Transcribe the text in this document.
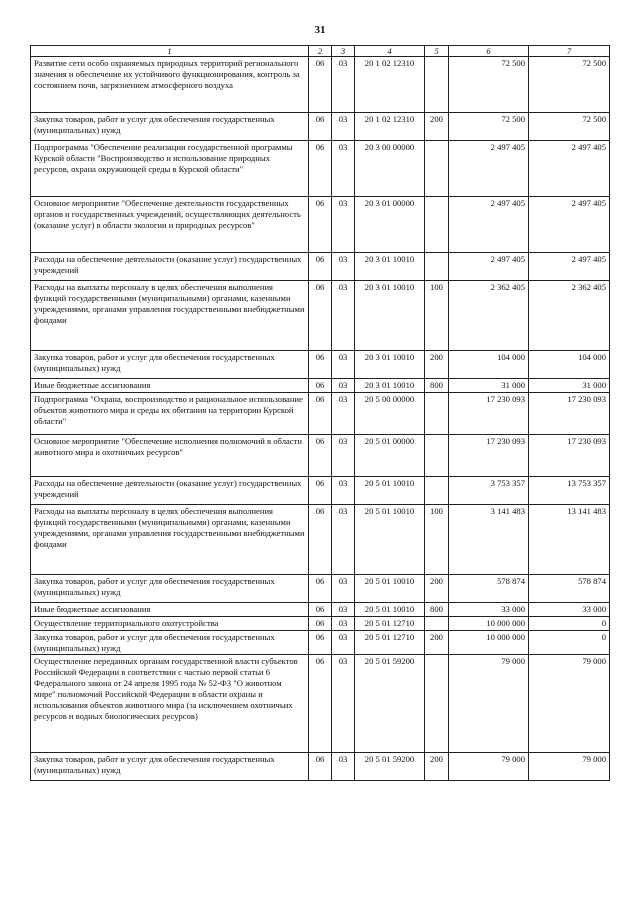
31
1	2	3	4	5	6	7
Развитие сети особо охраняемых природных территорий регионального значения и обеспечение их устойчивого функционирования, контроль за состоянием почв, загрязнением атмосферного воздуха	06	03	20 1 02 12310		72 500	72 500
Закупка товаров, работ и услуг для обеспечения государственных (муниципальных) нужд	06	03	20 1 02 12310	200	72 500	72 500
Подпрограмма "Обеспечение реализации государственной программы Курской области "Воспроизводство и использование природных ресурсов, охрана окружающей среды в Курской области"	06	03	20 3 00 00000		2 497 405	2 497 405
Основное мероприятие "Обеспечение деятельности государственных органов и государственных учреждений, осуществляющих деятельность (оказание услуг) в области экологии и природных ресурсов"	06	03	20 3 01 00000		2 497 405	2 497 405
Расходы на обеспечение деятельности (оказание услуг) государственных учреждений	06	03	20 3 01 10010		2 497 405	2 497 405
Расходы на выплаты персоналу в целях обеспечения выполнения функций государственными (муниципальными) органами, казенными учреждениями, органами управления государственными внебюджетными фондами	06	03	20 3 01 10010	100	2 362 405	2 362 405
Закупка товаров, работ и услуг для обеспечения государственных (муниципальных) нужд	06	03	20 3 01 10010	200	104 000	104 000
Иные бюджетные ассигнования	06	03	20 3 01 10010	800	31 000	31 000
Подпрограмма "Охрана, воспроизводство и рациональное использование объектов животного мира и среды их обитания на территории Курской области"	06	03	20 5 00 00000		17 230 093	17 230 093
Основное мероприятие "Обеспечение исполнения полномочий в области животного мира и охотничьих ресурсов"	06	03	20 5 01 00000		17 230 093	17 230 093
Расходы на обеспечение деятельности (оказание услуг) государственных учреждений	06	03	20 5 01 10010		3 753 357	13 753 357
Расходы на выплаты персоналу в целях обеспечения выполнения функций государственными (муниципальными) органами, казенными учреждениями, органами управления государственными внебюджетными фондами	06	03	20 5 01 10010	100	3 141 483	13 141 483
Закупка товаров, работ и услуг для обеспечения государственных (муниципальных) нужд	06	03	20 5 01 10010	200	578 874	578 874
Иные бюджетные ассигнования	06	03	20 5 01 10010	800	33 000	33 000
Осуществление территориального охотустройства	06	03	20 5 01 12710		10 000 000	0
Закупка товаров, работ и услуг для обеспечения государственных (муниципальных) нужд	06	03	20 5 01 12710	200	10 000 000	0
Осуществление переданных органам государственной власти субъектов Российской Федерации в соответствии с частью первой статьи 6 Федерального закона от 24 апреля 1995 года № 52-ФЗ "О животном мире" полномочий Российской Федерации в области охраны и использования объектов животного мира (за исключением охотничьих ресурсов и водных биологических ресурсов)	06	03	20 5 01 59200		79 000	79 000
Закупка товаров, работ и услуг для обеспечения государственных (муниципальных) нужд	06	03	20 5 01 59200	200	79 000	79 000
